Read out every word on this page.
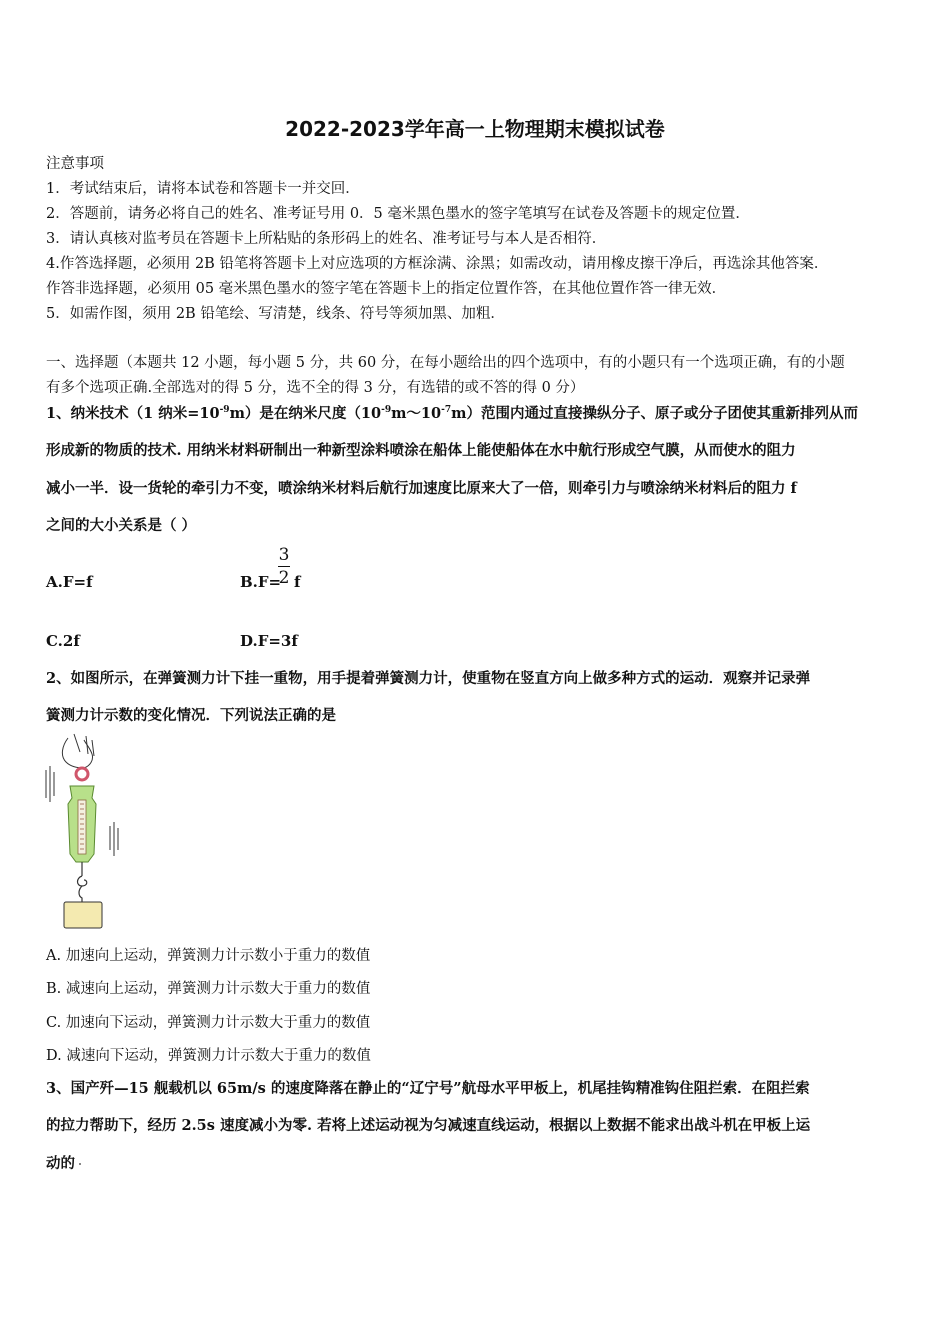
2022-2023学年高一上物理期末模拟试卷
注意事项
1．考试结束后，请将本试卷和答题卡一并交回．
2．答题前，请务必将自己的姓名、准考证号用 0．5 毫米黑色墨水的签字笔填写在试卷及答题卡的规定位置．
3．请认真核对监考员在答题卡上所粘贴的条形码上的姓名、准考证号与本人是否相符．
4.作答选择题，必须用 2B 铅笔将答题卡上对应选项的方框涂满、涂黑；如需改动，请用橡皮擦干净后，再选涂其他答案．
作答非选择题，必须用 05 毫米黑色墨水的签字笔在答题卡上的指定位置作答，在其他位置作答一律无效．
5．如需作图，须用 2B 铅笔绘、写清楚，线条、符号等须加黑、加粗．
一、选择题（本题共 12 小题，每小题 5 分，共 60 分，在每小题给出的四个选项中，有的小题只有一个选项正确，有的小题
有多个选项正确.全部选对的得 5 分，选不全的得 3 分，有选错的或不答的得 0 分）
1、纳米技术（1 纳米$=10^{-9}m$）是在纳米尺度$(10^{-9}m\sim 10^{-7}m)$范围内通过直接操纵分子、原子或分子团使其重新排列从而
形成新的物质的技术. 用纳米材料研制出一种新型涂料喷涂在船体上能使船体在水中航行形成空气膜，从而使水的阻力
减小一半．设一货轮的牵引力不变，喷涂纳米材料后航行加速度比原来大了一倍，则牵引力与喷涂纳米材料后的阻力 f
之间的大小关系是（ ）
A.F=f	B.F=
3
2 f
C.2f	D.F=3f
2、如图所示，在弹簧测力计下挂一重物，用手提着弹簧测力计，使重物在竖直方向上做多种方式的运动．观察并记录弹
簧测力计示数的变化情况．下列说法正确的是
A. 加速向上运动，弹簧测力计示数小于重力的数值
B. 减速向上运动，弹簧测力计示数大于重力的数值
C. 加速向下运动，弹簧测力计示数大于重力的数值
D. 减速向下运动，弹簧测力计示数大于重力的数值
3、国产歼—15 舰载机以 65m/s 的速度降落在静止的“辽宁号”航母水平甲板上，机尾挂钩精准钩住阻拦索．在阻拦索
的拉力帮助下，经历 2.5s 速度减小为零. 若将上述运动视为匀减速直线运动，根据以上数据不能求出战斗机在甲板上运
动的
